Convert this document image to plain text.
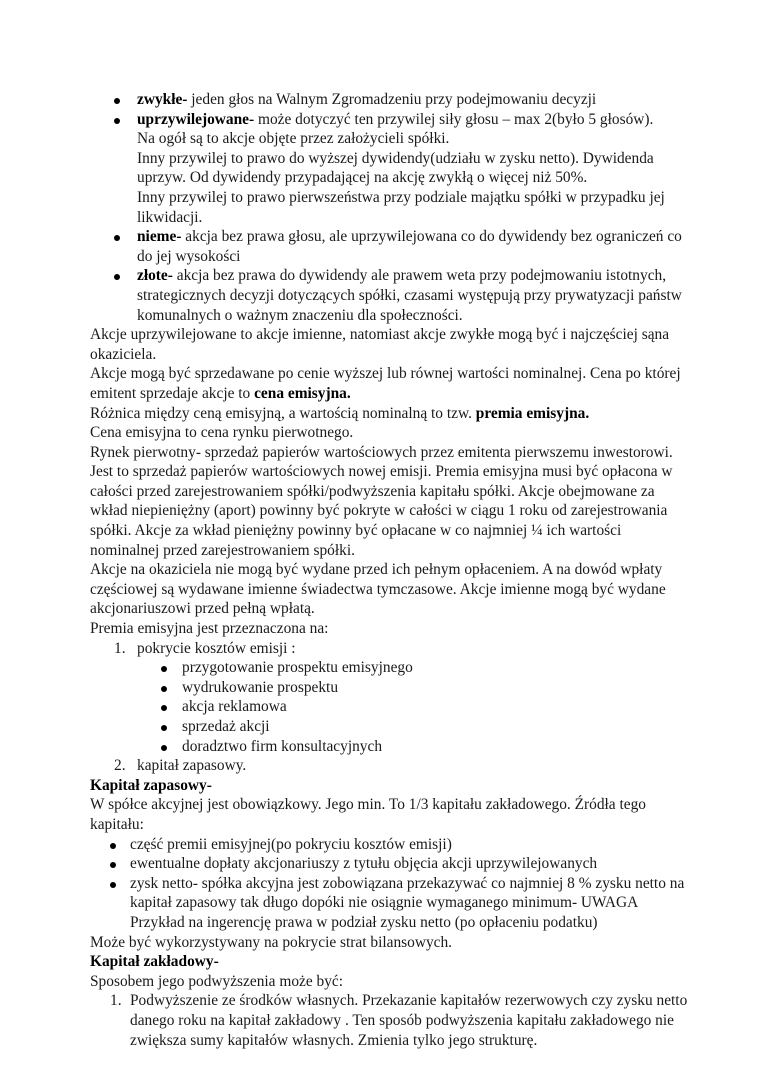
zwykłe- jeden głos na Walnym Zgromadzeniu przy podejmowaniu decyzji
uprzywilejowane- może dotyczyć ten przywilej siły głosu – max 2(było 5 głosów).
Na ogół są to akcje objęte przez założycieli spółki.
Inny przywilej to prawo do wyższej dywidendy(udziału w zysku netto). Dywidenda uprzyw. Od dywidendy przypadającej na akcję zwykłą o więcej niż 50%.
Inny przywilej to prawo pierwszeństwa przy podziale majątku spółki w przypadku jej likwidacji.
nieme- akcja bez prawa głosu, ale uprzywilejowana co do dywidendy bez ograniczeń co do jej wysokości
złote- akcja bez prawa do dywidendy ale prawem weta przy podejmowaniu istotnych, strategicznych decyzji dotyczących spółki, czasami występują przy prywatyzacji państw komunalnych o ważnym znaczeniu dla społeczności.

Akcje uprzywilejowane to akcje imienne, natomiast akcje zwykłe mogą być i najczęściej sąna okaziciela.

Akcje mogą być sprzedawane po cenie wyższej lub równej wartości nominalnej. Cena po której emitent sprzedaje akcje to cena emisyjna.

Różnica między ceną emisyjną, a wartością nominalną to tzw. premia emisyjna.

Cena emisyjna to cena rynku pierwotnego.

Rynek pierwotny- sprzedaż papierów wartościowych przez emitenta pierwszemu inwestorowi. Jest to sprzedaż papierów wartościowych nowej emisji. Premia emisyjna musi być opłacona w całości przed zarejestrowaniem spółki/podwyższenia kapitału spółki. Akcje obejmowane za wkład niepieniężny (aport) powinny być pokryte w całości w ciągu 1 roku od zarejestrowania spółki. Akcje za wkład pieniężny powinny być opłacane w co najmniej ¼ ich wartości nominalnej przed zarejestrowaniem spółki.

Akcje na okaziciela nie mogą być wydane przed ich pełnym opłaceniem. A na dowód wpłaty częściowej są wydawane imienne świadectwa tymczasowe. Akcje imienne mogą być wydane akcjonariuszowi przed pełną wpłatą.

Premia emisyjna jest przeznaczona na:

1. pokrycie kosztów emisji :
przygotowanie prospektu emisyjnego
wydrukowanie prospektu
akcja reklamowa
sprzedaż akcji
doradztwo firm konsultacyjnych
2. kapitał zapasowy.

Kapitał zapasowy-

W spółce akcyjnej jest obowiązkowy. Jego min. To 1/3 kapitału zakładowego. Źródła tego kapitału:

część premii emisyjnej(po pokryciu kosztów emisji)
ewentualne dopłaty akcjonariuszy z tytułu objęcia akcji uprzywilejowanych
zysk netto- spółka akcyjna jest zobowiązana przekazywać co najmniej 8 % zysku netto na kapitał zapasowy tak długo dopóki nie osiągnie wymaganego minimum- UWAGA Przykład na ingerencję prawa w podział zysku netto (po opłaceniu podatku)

Może być wykorzystywany na pokrycie strat bilansowych.

Kapitał zakładowy-

Sposobem jego podwyższenia może być:

1. Podwyższenie ze środków własnych. Przekazanie kapitałów rezerwowych czy zysku netto danego roku na kapitał zakładowy . Ten sposób podwyższenia kapitału zakładowego nie zwiększa sumy kapitałów własnych. Zmienia tylko jego strukturę.
